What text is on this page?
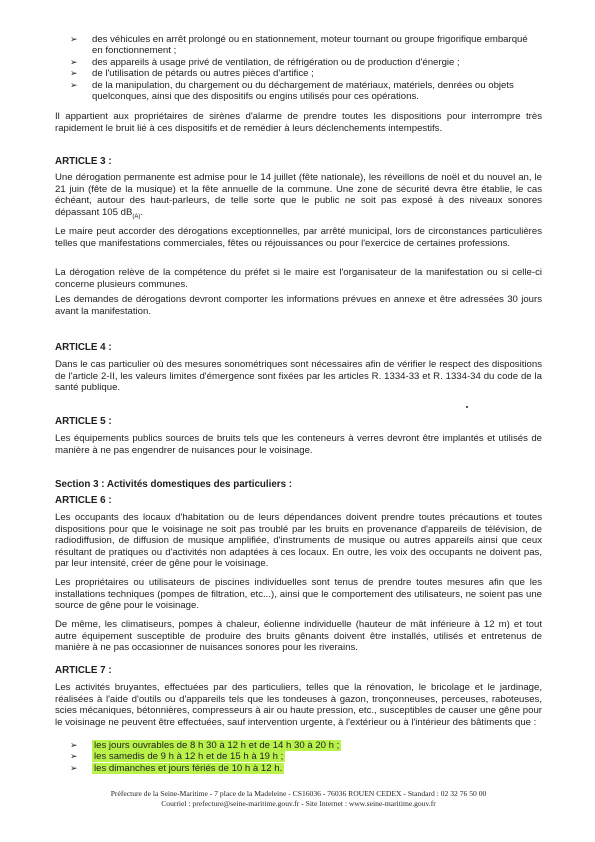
➢	des véhicules en arrêt prolongé ou en stationnement, moteur tournant ou groupe frigorifique embarqué en fonctionnement ;
➢	des appareils à usage privé de ventilation, de réfrigération ou de production d'énergie ;
➢	de l'utilisation de pétards ou autres pièces d'artifice ;
➢	de la manipulation, du chargement ou du déchargement de matériaux, matériels, denrées ou objets quelconques, ainsi que des dispositifs ou engins utilisés pour ces opérations.

Il appartient aux propriétaires de sirènes d'alarme de prendre toutes les dispositions pour interrompre très rapidement le bruit lié à ces dispositifs et de remédier à leurs déclenchements intempestifs.

ARTICLE 3 :

Une dérogation permanente est admise pour le 14 juillet (fête nationale), les réveillons de noël et du nouvel an, le 21 juin (fête de la musique) et la fête annuelle de la commune. Une zone de sécurité devra être établie, le cas échéant, autour des haut-parleurs, de telle sorte que le public ne soit pas exposé à des niveaux sonores dépassant 105 $dB_{(A)}$.

Le maire peut accorder des dérogations exceptionnelles, par arrêté municipal, lors de circonstances particulières telles que manifestations commerciales, fêtes ou réjouissances ou pour l'exercice de certaines professions.

La dérogation relève de la compétence du préfet si le maire est l'organisateur de la manifestation ou si celle-ci concerne plusieurs communes.

Les demandes de dérogations devront comporter les informations prévues en annexe et être adressées 30 jours avant la manifestation.

ARTICLE 4 :

Dans le cas particulier où des mesures sonométriques sont nécessaires afin de vérifier le respect des dispositions de l'article 2-II, les valeurs limites d'émergence sont fixées par les articles R. 1334-33 et R. 1334-34 du code de la santé publique.

ARTICLE 5 :

Les équipements publics sources de bruits tels que les conteneurs à verres devront être implantés et utilisés de manière à ne pas engendrer de nuisances pour le voisinage.

Section 3 : Activités domestiques des particuliers :
ARTICLE 6 :

Les occupants des locaux d'habitation ou de leurs dépendances doivent prendre toutes précautions et toutes dispositions pour que le voisinage ne soit pas troublé par les bruits en provenance d'appareils de télévision, de radiodiffusion, de diffusion de musique amplifiée, d'instruments de musique ou autres appareils ainsi que ceux résultant de pratiques ou d'activités non adaptées à ces locaux. En outre, les voix des occupants ne doivent pas, par leur intensité, créer de gêne pour le voisinage.

Les propriétaires ou utilisateurs de piscines individuelles sont tenus de prendre toutes mesures afin que les installations techniques (pompes de filtration, etc...), ainsi que le comportement des utilisateurs, ne soient pas une source de gêne pour le voisinage.

De même, les climatiseurs, pompes à chaleur, éolienne individuelle (hauteur de mât inférieure à 12 m) et tout autre équipement susceptible de produire des bruits gênants doivent être installés, utilisés et entretenus de manière à ne pas occasionner de nuisances sonores pour les riverains.

ARTICLE 7 :

Les activités bruyantes, effectuées par des particuliers, telles que la rénovation, le bricolage et le jardinage, réalisées à l'aide d'outils ou d'appareils tels que les tondeuses à gazon, tronçonneuses, perceuses, raboteuses, scies mécaniques, bétonnières, compresseurs à air ou haute pression, etc., susceptibles de causer une gêne pour le voisinage ne peuvent être effectuées, sauf intervention urgente, à l'extérieur ou à l'intérieur des bâtiments que :

➢	les jours ouvrables de 8 h 30 à 12 h et de 14 h 30 à 20 h ;
➢	les samedis de 9 h à 12 h et de 15 h à 19 h ;
➢	les dimanches et jours fériés de 10 h à 12 h.
Préfecture de la Seine-Maritime - 7 place de la Madeleine - CS16036 - 76036 ROUEN CEDEX - Standard : 02 32 76 50 00
Courriel : prefecture@seine-maritime.gouv.fr - Site Internet : www.seine-maritime.gouv.fr
